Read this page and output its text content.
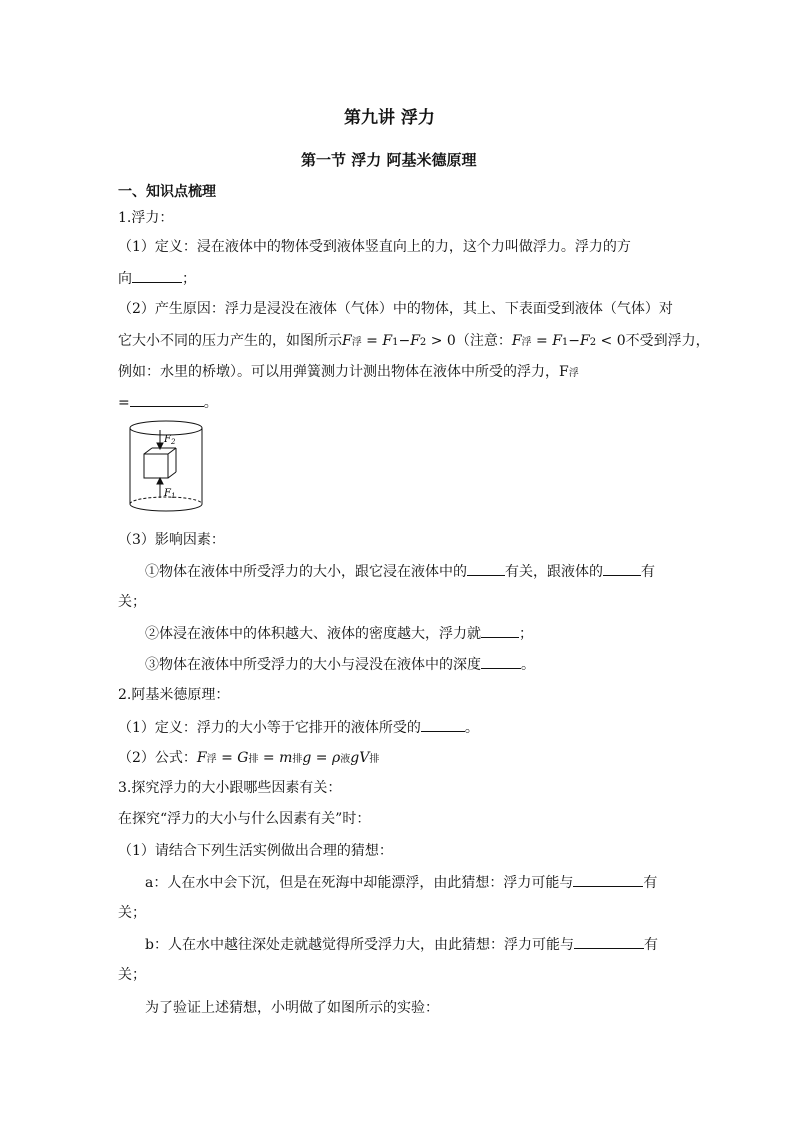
第九讲 浮力
第一节 浮力 阿基米德原理
一、知识点梳理
1.浮力：
（1）定义：浸在液体中的物体受到液体竖直向上的力，这个力叫做浮力。浮力的方
向	；
（2）产生原因：浮力是浸没在液体（气体）中的物体，其上、下表面受到液体（气体）对
它大小不同的压力产生的，如图所示F浮 = F1−F2 > 0（注意：F浮 = F1−F2 < 0不受到浮力，
例如：水里的桥墩）。可以用弹簧测力计测出物体在液体中所受的浮力，F浮
=	。
$F_2$
$F_1$
（3）影响因素：
①物体在液体中所受浮力的大小，跟它浸在液体中的	有关，跟液体的	有
关；
②体浸在液体中的体积越大、液体的密度越大，浮力就	；
③物体在液体中所受浮力的大小与浸没在液体中的深度	。
2.阿基米德原理：
（1）定义：浮力的大小等于它排开的液体所受的	。
（2）公式：F浮 = G排 = m排g = ρ液gV排
3.探究浮力的大小跟哪些因素有关：
在探究“浮力的大小与什么因素有关”时：
（1）请结合下列生活实例做出合理的猜想：
a：人在水中会下沉，但是在死海中却能漂浮，由此猜想：浮力可能与	有
关；
b：人在水中越往深处走就越觉得所受浮力大，由此猜想：浮力可能与	有
关；
为了验证上述猜想，小明做了如图所示的实验：
